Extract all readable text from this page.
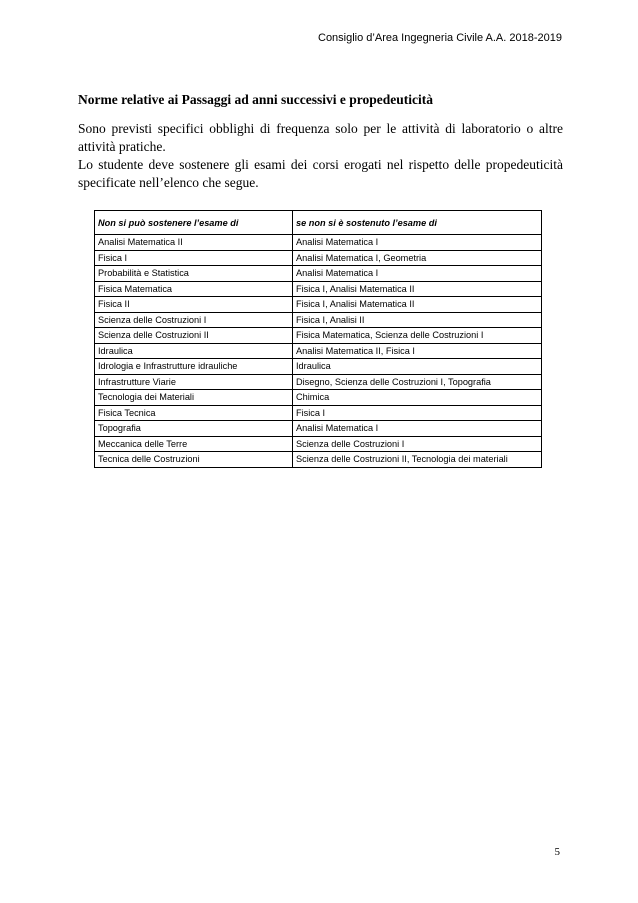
Consiglio d’Area Ingegneria Civile A.A. 2018-2019
Norme relative ai Passaggi ad anni successivi e propedeuticità

Sono previsti specifici obblighi di frequenza solo per le attività di laboratorio o altre attività pratiche.

Lo studente deve sostenere gli esami dei corsi erogati nel rispetto delle propedeuticità specificate nell’elenco che segue.

Non si può sostenere l’esame di	se non si è sostenuto l’esame di
Analisi Matematica II	Analisi Matematica I
Fisica I	Analisi Matematica I, Geometria
Probabilità e Statistica	Analisi Matematica I
Fisica Matematica	Fisica I, Analisi Matematica II
Fisica II	Fisica I, Analisi Matematica II
Scienza delle Costruzioni I	Fisica I, Analisi II
Scienza delle Costruzioni II	Fisica Matematica, Scienza delle Costruzioni I
Idraulica	Analisi Matematica II, Fisica I
Idrologia e Infrastrutture idrauliche	Idraulica
Infrastrutture Viarie	Disegno, Scienza delle Costruzioni I, Topografia
Tecnologia dei Materiali	Chimica
Fisica Tecnica	Fisica I
Topografia	Analisi Matematica I
Meccanica delle Terre	Scienza delle Costruzioni I
Tecnica delle Costruzioni	Scienza delle Costruzioni II, Tecnologia dei materiali
5
